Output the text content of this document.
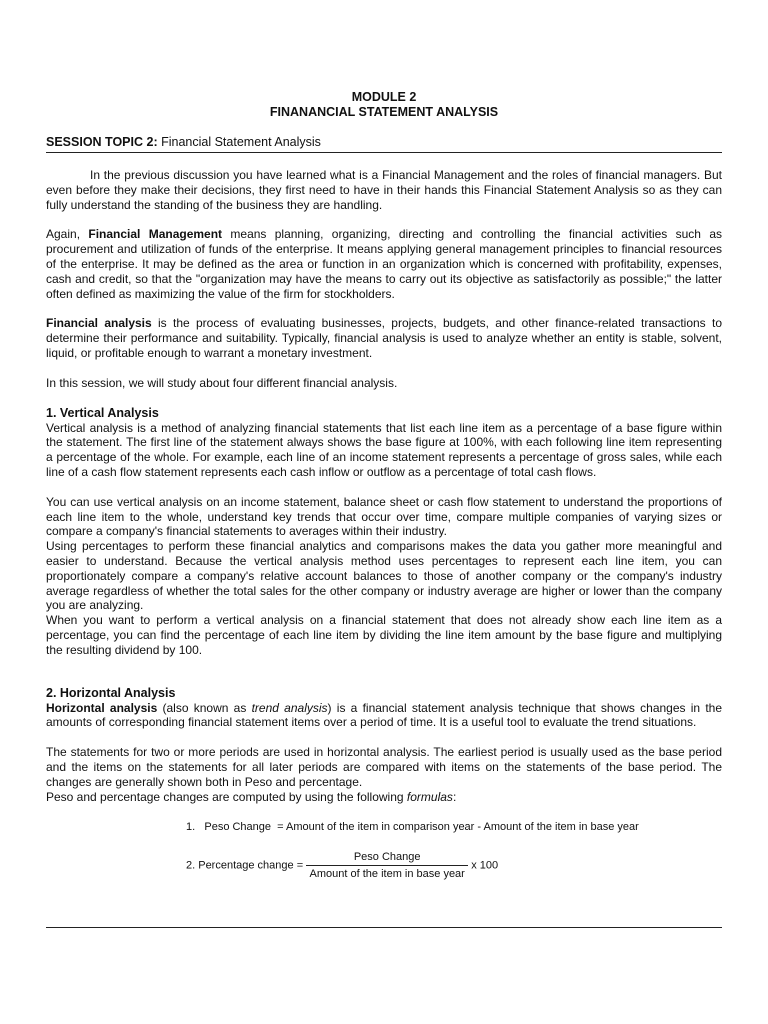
MODULE 2
FINANANCIAL STATEMENT ANALYSIS
SESSION TOPIC 2: Financial Statement Analysis

In the previous discussion you have learned what is a Financial Management and the roles of financial managers. But even before they make their decisions, they first need to have in their hands this Financial Statement Analysis so as they can fully understand the standing of the business they are handling.

Again, Financial Management means planning, organizing, directing and controlling the financial activities such as procurement and utilization of funds of the enterprise. It means applying general management principles to financial resources of the enterprise. It may be defined as the area or function in an organization which is concerned with profitability, expenses, cash and credit, so that the "organization may have the means to carry out its objective as satisfactorily as possible;" the latter often defined as maximizing the value of the firm for stockholders.

Financial analysis is the process of evaluating businesses, projects, budgets, and other finance-related transactions to determine their performance and suitability. Typically, financial analysis is used to analyze whether an entity is stable, solvent, liquid, or profitable enough to warrant a monetary investment.

In this session, we will study about four different financial analysis.

1. Vertical Analysis

Vertical analysis is a method of analyzing financial statements that list each line item as a percentage of a base figure within the statement. The first line of the statement always shows the base figure at 100%, with each following line item representing a percentage of the whole. For example, each line of an income statement represents a percentage of gross sales, while each line of a cash flow statement represents each cash inflow or outflow as a percentage of total cash flows.

You can use vertical analysis on an income statement, balance sheet or cash flow statement to understand the proportions of each line item to the whole, understand key trends that occur over time, compare multiple companies of varying sizes or compare a company's financial statements to averages within their industry.

Using percentages to perform these financial analytics and comparisons makes the data you gather more meaningful and easier to understand. Because the vertical analysis method uses percentages to represent each line item, you can proportionately compare a company's relative account balances to those of another company or the company's industry average regardless of whether the total sales for the other company or industry average are higher or lower than the company you are analyzing.

When you want to perform a vertical analysis on a financial statement that does not already show each line item as a percentage, you can find the percentage of each line item by dividing the line item amount by the base figure and multiplying the resulting dividend by 100.

2. Horizontal Analysis

Horizontal analysis (also known as trend analysis) is a financial statement analysis technique that shows changes in the amounts of corresponding financial statement items over a period of time. It is a useful tool to evaluate the trend situations.

The statements for two or more periods are used in horizontal analysis. The earliest period is usually used as the base period and the items on the statements for all later periods are compared with items on the statements of the base period. The changes are generally shown both in Peso and percentage.

Peso and percentage changes are computed by using the following formulas:

1. Peso Change = Amount of the item in comparison year - Amount of the item in base year
2. Percentage change = $\frac{\text{Peso Change}}{\text{Amount of the item in base year}}$ x 100
